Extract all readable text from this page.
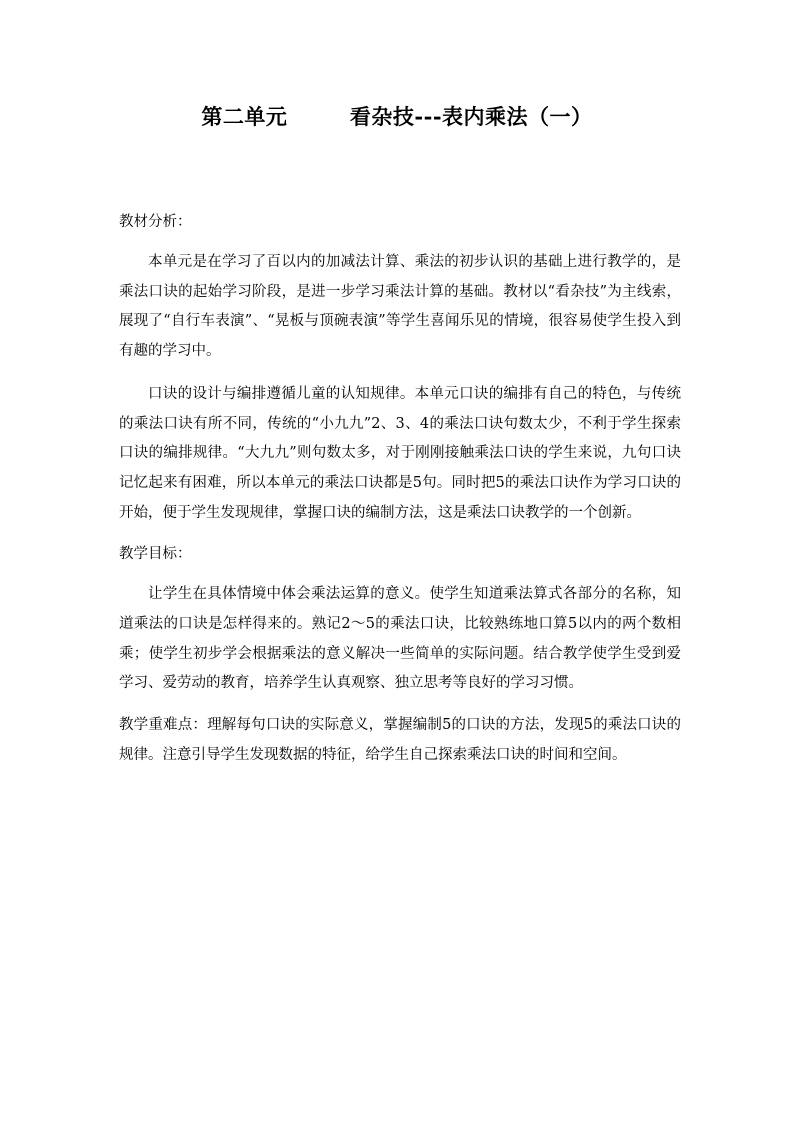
第二单元        看杂技---表内乘法（一）
教材分析：

本单元是在学习了百以内的加减法计算、乘法的初步认识的基础上进行教学的，是乘法口诀的起始学习阶段，是进一步学习乘法计算的基础。教材以“看杂技”为主线索，展现了“自行车表演”、“晃板与顶碗表演”等学生喜闻乐见的情境，很容易使学生投入到有趣的学习中。

口诀的设计与编排遵循儿童的认知规律。本单元口诀的编排有自己的特色，与传统的乘法口诀有所不同，传统的“小九九”2、3、4的乘法口诀句数太少，不利于学生探索口诀的编排规律。“大九九”则句数太多，对于刚刚接触乘法口诀的学生来说，九句口诀记忆起来有困难，所以本单元的乘法口诀都是5句。同时把5的乘法口诀作为学习口诀的开始，便于学生发现规律，掌握口诀的编制方法，这是乘法口诀教学的一个创新。

教学目标：

让学生在具体情境中体会乘法运算的意义。使学生知道乘法算式各部分的名称，知道乘法的口诀是怎样得来的。熟记2～5的乘法口诀，比较熟练地口算5以内的两个数相乘；使学生初步学会根据乘法的意义解决一些简单的实际问题。结合教学使学生受到爱学习、爱劳动的教育，培养学生认真观察、独立思考等良好的学习习惯。

教学重难点：理解每句口诀的实际意义，掌握编制5的口诀的方法，发现5的乘法口诀的规律。注意引导学生发现数据的特征，给学生自己探索乘法口诀的时间和空间。
